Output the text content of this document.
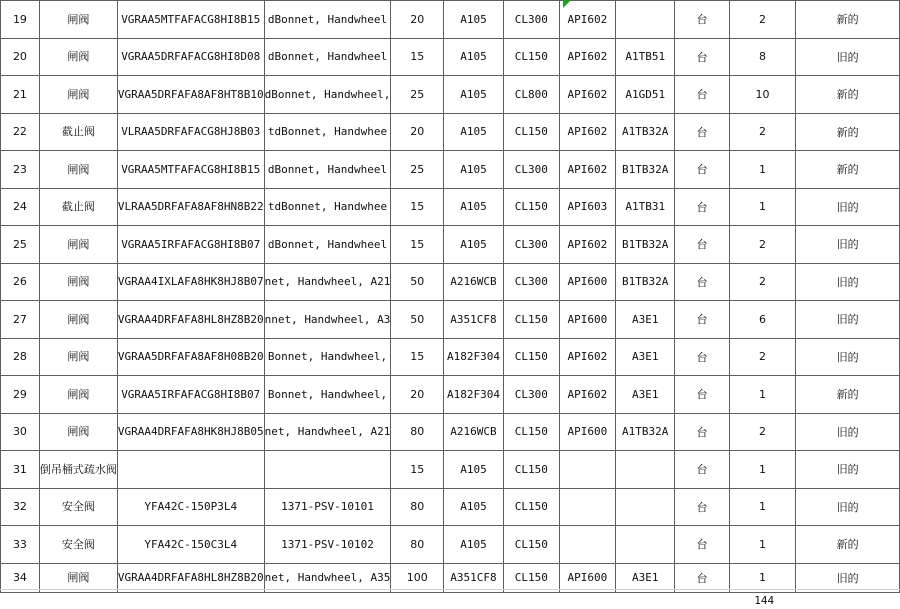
19	闸阀	VGRAA5MTFAFACG8HI8B15	dBonnet, Handwheel	20	A105	CL300	API602		台	2	新的
20	闸阀	VGRAA5DRFAFACG8HI8D08	dBonnet, Handwheel	15	A105	CL150	API602	A1TB51	台	8	旧的
21	闸阀	VGRAA5DRFAFA8AF8HT8B10	dBonnet, Handwheel,	25	A105	CL800	API602	A1GD51	台	10	新的
22	截止阀	VLRAA5DRFAFACG8HJ8B03	tdBonnet, Handwhee	20	A105	CL150	API602	A1TB32A	台	2	新的
23	闸阀	VGRAA5MTFAFACG8HI8B15	dBonnet, Handwheel	25	A105	CL300	API602	B1TB32A	台	1	新的
24	截止阀	VLRAA5DRFAFA8AF8HN8B22	tdBonnet, Handwhee	15	A105	CL150	API603	A1TB31	台	1	旧的
25	闸阀	VGRAA5IRFAFACG8HI8B07	dBonnet, Handwheel	15	A105	CL300	API602	B1TB32A	台	2	旧的
26	闸阀	VGRAA4IXLAFA8HK8HJ8B07	net, Handwheel, A21	50	A216WCB	CL300	API600	B1TB32A	台	2	旧的
27	闸阀	VGRAA4DRFAFA8HL8HZ8B20	nnet, Handwheel, A3	50	A351CF8	CL150	API600	A3E1	台	6	旧的
28	闸阀	VGRAA5DRFAFA8AF8H08B20	Bonnet, Handwheel,	15	A182F304	CL150	API602	A3E1	台	2	旧的
29	闸阀	VGRAA5IRFAFACG8HI8B07	Bonnet, Handwheel,	20	A182F304	CL300	API602	A3E1	台	1	新的
30	闸阀	VGRAA4DRFAFA8HK8HJ8B05	net, Handwheel, A21	80	A216WCB	CL150	API600	A1TB32A	台	2	旧的
31	倒吊桶式疏水阀			15	A105	CL150			台	1	旧的
32	安全阀	YFA42C-150P3L4	1371-PSV-10101	80	A105	CL150			台	1	旧的
33	安全阀	YFA42C-150C3L4	1371-PSV-10102	80	A105	CL150			台	1	新的
34	闸阀	VGRAA4DRFAFA8HL8HZ8B20	net, Handwheel, A35	100	A351CF8	CL150	API600	A3E1	台	1	旧的
										144	
